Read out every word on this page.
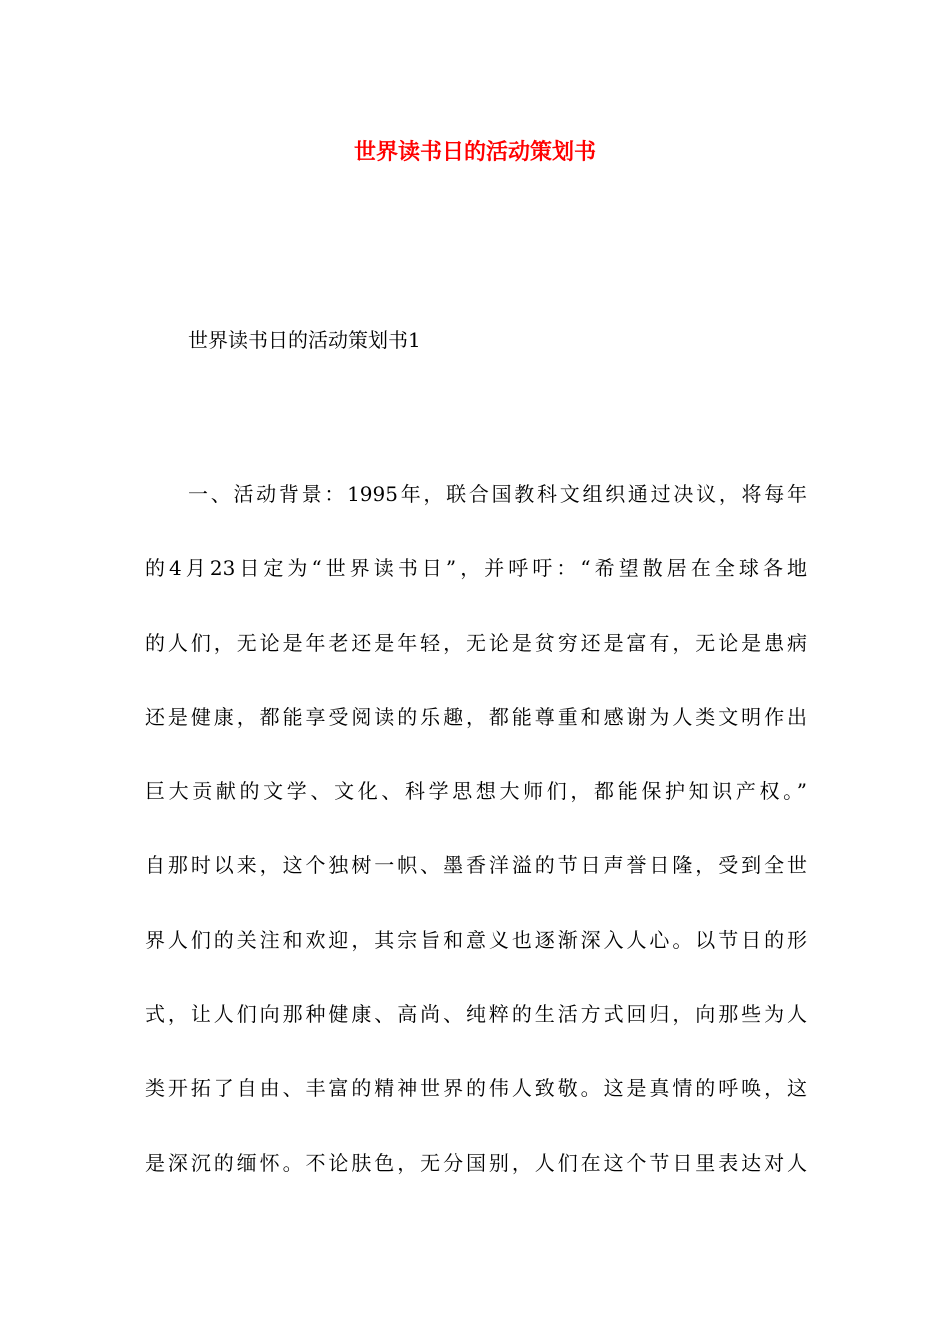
世界读书日的活动策划书
世界读书日的活动策划书1
一、活动背景：1995年，联合国教科文组织通过决议，将每年
的4月23日定为“世界读书日”，并呼吁：“希望散居在全球各地
的人们，无论是年老还是年轻，无论是贫穷还是富有，无论是患病
还是健康，都能享受阅读的乐趣，都能尊重和感谢为人类文明作出
巨大贡献的文学、文化、科学思想大师们，都能保护知识产权。”
自那时以来，这个独树一帜、墨香洋溢的节日声誉日隆，受到全世
界人们的关注和欢迎，其宗旨和意义也逐渐深入人心。以节日的形
式，让人们向那种健康、高尚、纯粹的生活方式回归，向那些为人
类开拓了自由、丰富的精神世界的伟人致敬。这是真情的呼唤，这
是深沉的缅怀。不论肤色，无分国别，人们在这个节日里表达对人
